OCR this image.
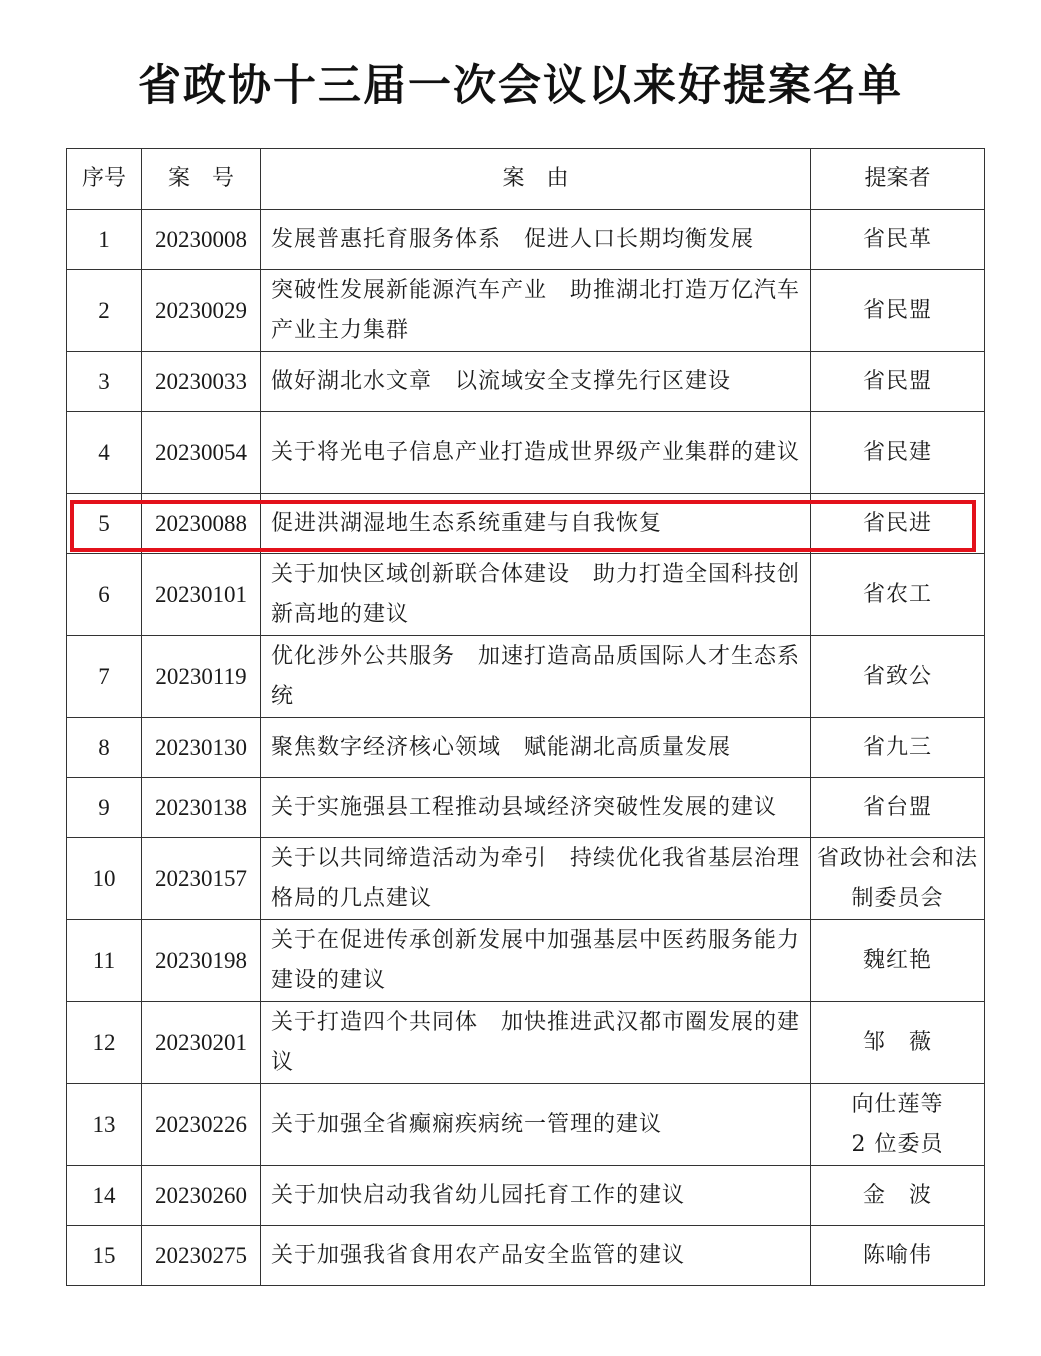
省政协十三届一次会议以来好提案名单
序号	案　号	案　由	提案者
1	20230008	发展普惠托育服务体系　促进人口长期均衡发展	省民革
2	20230029	突破性发展新能源汽车产业　助推湖北打造万亿汽车产业主力集群	省民盟
3	20230033	做好湖北水文章　以流域安全支撑先行区建设	省民盟
4	20230054	关于将光电子信息产业打造成世界级产业集群的建议	省民建
5	20230088	促进洪湖湿地生态系统重建与自我恢复	省民进
6	20230101	关于加快区域创新联合体建设　助力打造全国科技创新高地的建议	省农工
7	20230119	优化涉外公共服务　加速打造高品质国际人才生态系统	省致公
8	20230130	聚焦数字经济核心领域　赋能湖北高质量发展	省九三
9	20230138	关于实施强县工程推动县域经济突破性发展的建议	省台盟
10	20230157	关于以共同缔造活动为牵引　持续优化我省基层治理格局的几点建议	省政协社会和法制委员会
11	20230198	关于在促进传承创新发展中加强基层中医药服务能力建设的建议	魏红艳
12	20230201	关于打造四个共同体　加快推进武汉都市圈发展的建议	邹　薇
13	20230226	关于加强全省癫痫疾病统一管理的建议	向仕莲等 2 位委员
14	20230260	关于加快启动我省幼儿园托育工作的建议	金　波
15	20230275	关于加强我省食用农产品安全监管的建议	陈喻伟
